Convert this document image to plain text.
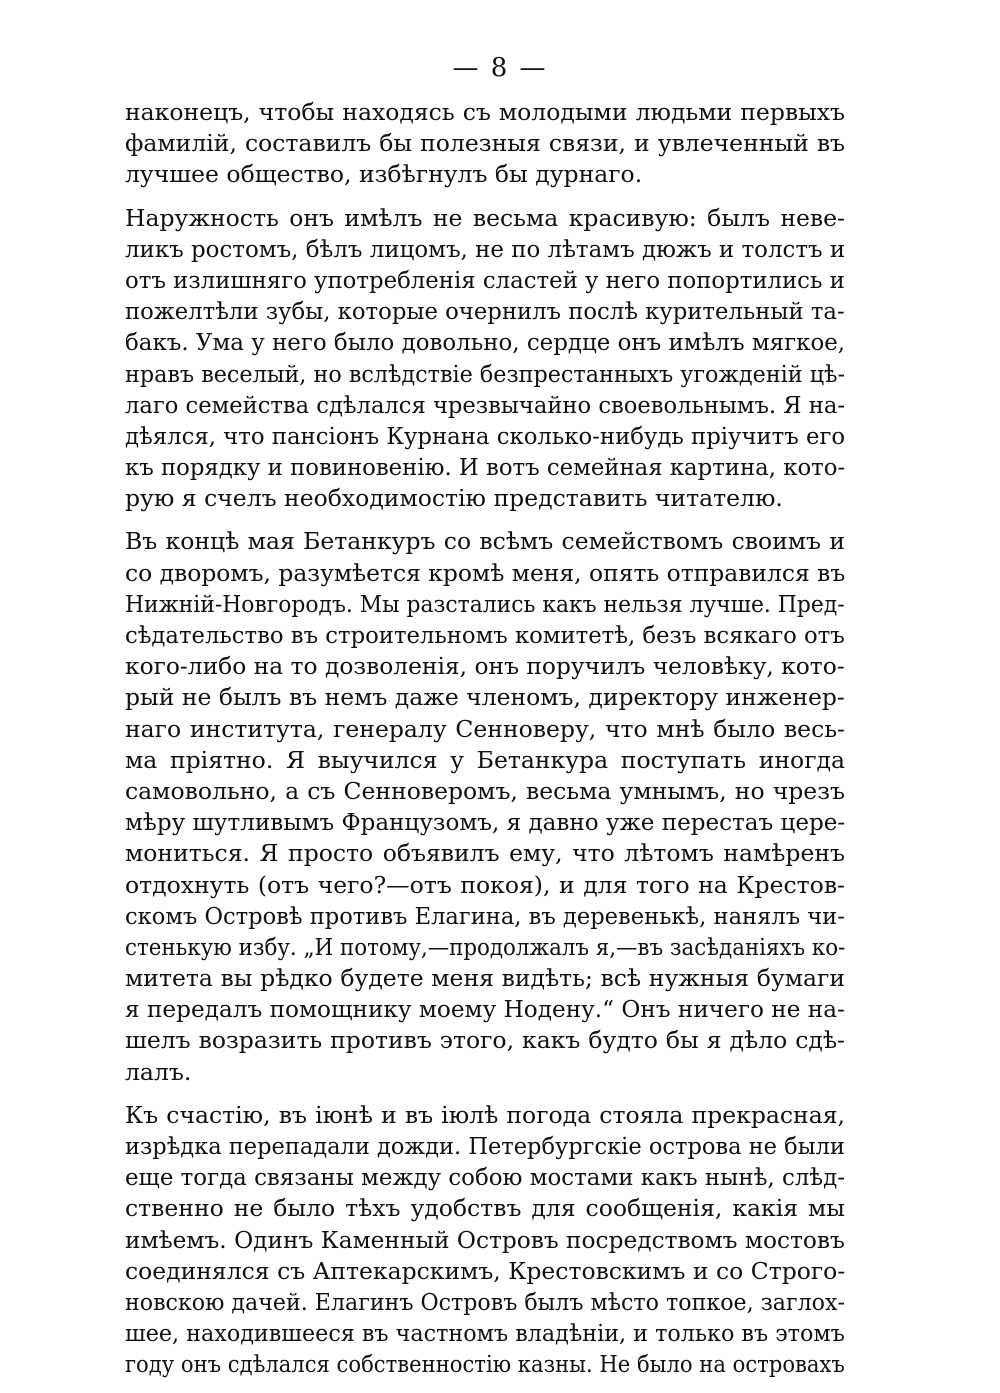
— 8 —
наконецъ, чтобы находясь съ молодыми людьми первыхъ
фамилій, составилъ бы полезныя связи, и увлеченный въ
лучшее общество, избѣгнулъ бы дурнаго.
Наружность онъ имѣлъ не весьма красивую: былъ неве-
ликъ ростомъ, бѣлъ лицомъ, не по лѣтамъ дюжъ и толстъ и
отъ излишняго употребленія сластей у него попортились и
пожелтѣли зубы, которые очернилъ послѣ курительный та-
бакъ. Ума у него было довольно, сердце онъ имѣлъ мягкое,
нравъ веселый, но вслѣдствіе безпрестанныхъ угожденій цѣ-
лаго семейства сдѣлался чрезвычайно своевольнымъ. Я на-
дѣялся, что пансіонъ Курнана сколько-нибудь пріучитъ его
къ порядку и повиновенію. И вотъ семейная картина, кото-
рую я счелъ необходимостію представить читателю.
Въ концѣ мая Бетанкуръ со всѣмъ семействомъ своимъ и
со дворомъ, разумѣется кромѣ меня, опять отправился въ
Нижній-Новгородъ. Мы разстались какъ нельзя лучше. Пред-
сѣдательство въ строительномъ комитетѣ, безъ всякаго отъ
кого-либо на то дозволенія, онъ поручилъ человѣку, кото-
рый не былъ въ немъ даже членомъ, директору инженер-
наго института, генералу Сенноверу, что мнѣ было весь-
ма пріятно. Я выучился у Бетанкура поступать иногда
самовольно, а съ Сенноверомъ, весьма умнымъ, но чрезъ
мѣру шутливымъ Французомъ, я давно уже перестаъ цере-
мониться. Я просто объявилъ ему, что лѣтомъ намѣренъ
отдохнуть (отъ чего?—отъ покоя), и для того на Крестов-
скомъ Островѣ противъ Елагина, въ деревенькѣ, нанялъ чи-
стенькую избу. „И потому,—продолжалъ я,—въ засѣданіяхъ ко-
митета вы рѣдко будете меня видѣть; всѣ нужныя бумаги
я передалъ помощнику моему Нодену.“ Онъ ничего не на-
шелъ возразить противъ этого, какъ будто бы я дѣло сдѣ-
лалъ.
Къ счастію, въ іюнѣ и въ іюлѣ погода стояла прекрасная,
изрѣдка перепадали дожди. Петербургскіе острова не были
еще тогда связаны между собою мостами какъ нынѣ, слѣд-
ственно не было тѣхъ удобствъ для сообщенія, какія мы
имѣемъ. Одинъ Каменный Островъ посредствомъ мостовъ
соединялся съ Аптекарскимъ, Крестовскимъ и со Строго-
новскою дачей. Елагинъ Островъ былъ мѣсто топкое, заглох-
шее, находившееся въ частномъ владѣніи, и только въ этомъ
году онъ сдѣлался собственностію казны. Не было на островахъ
